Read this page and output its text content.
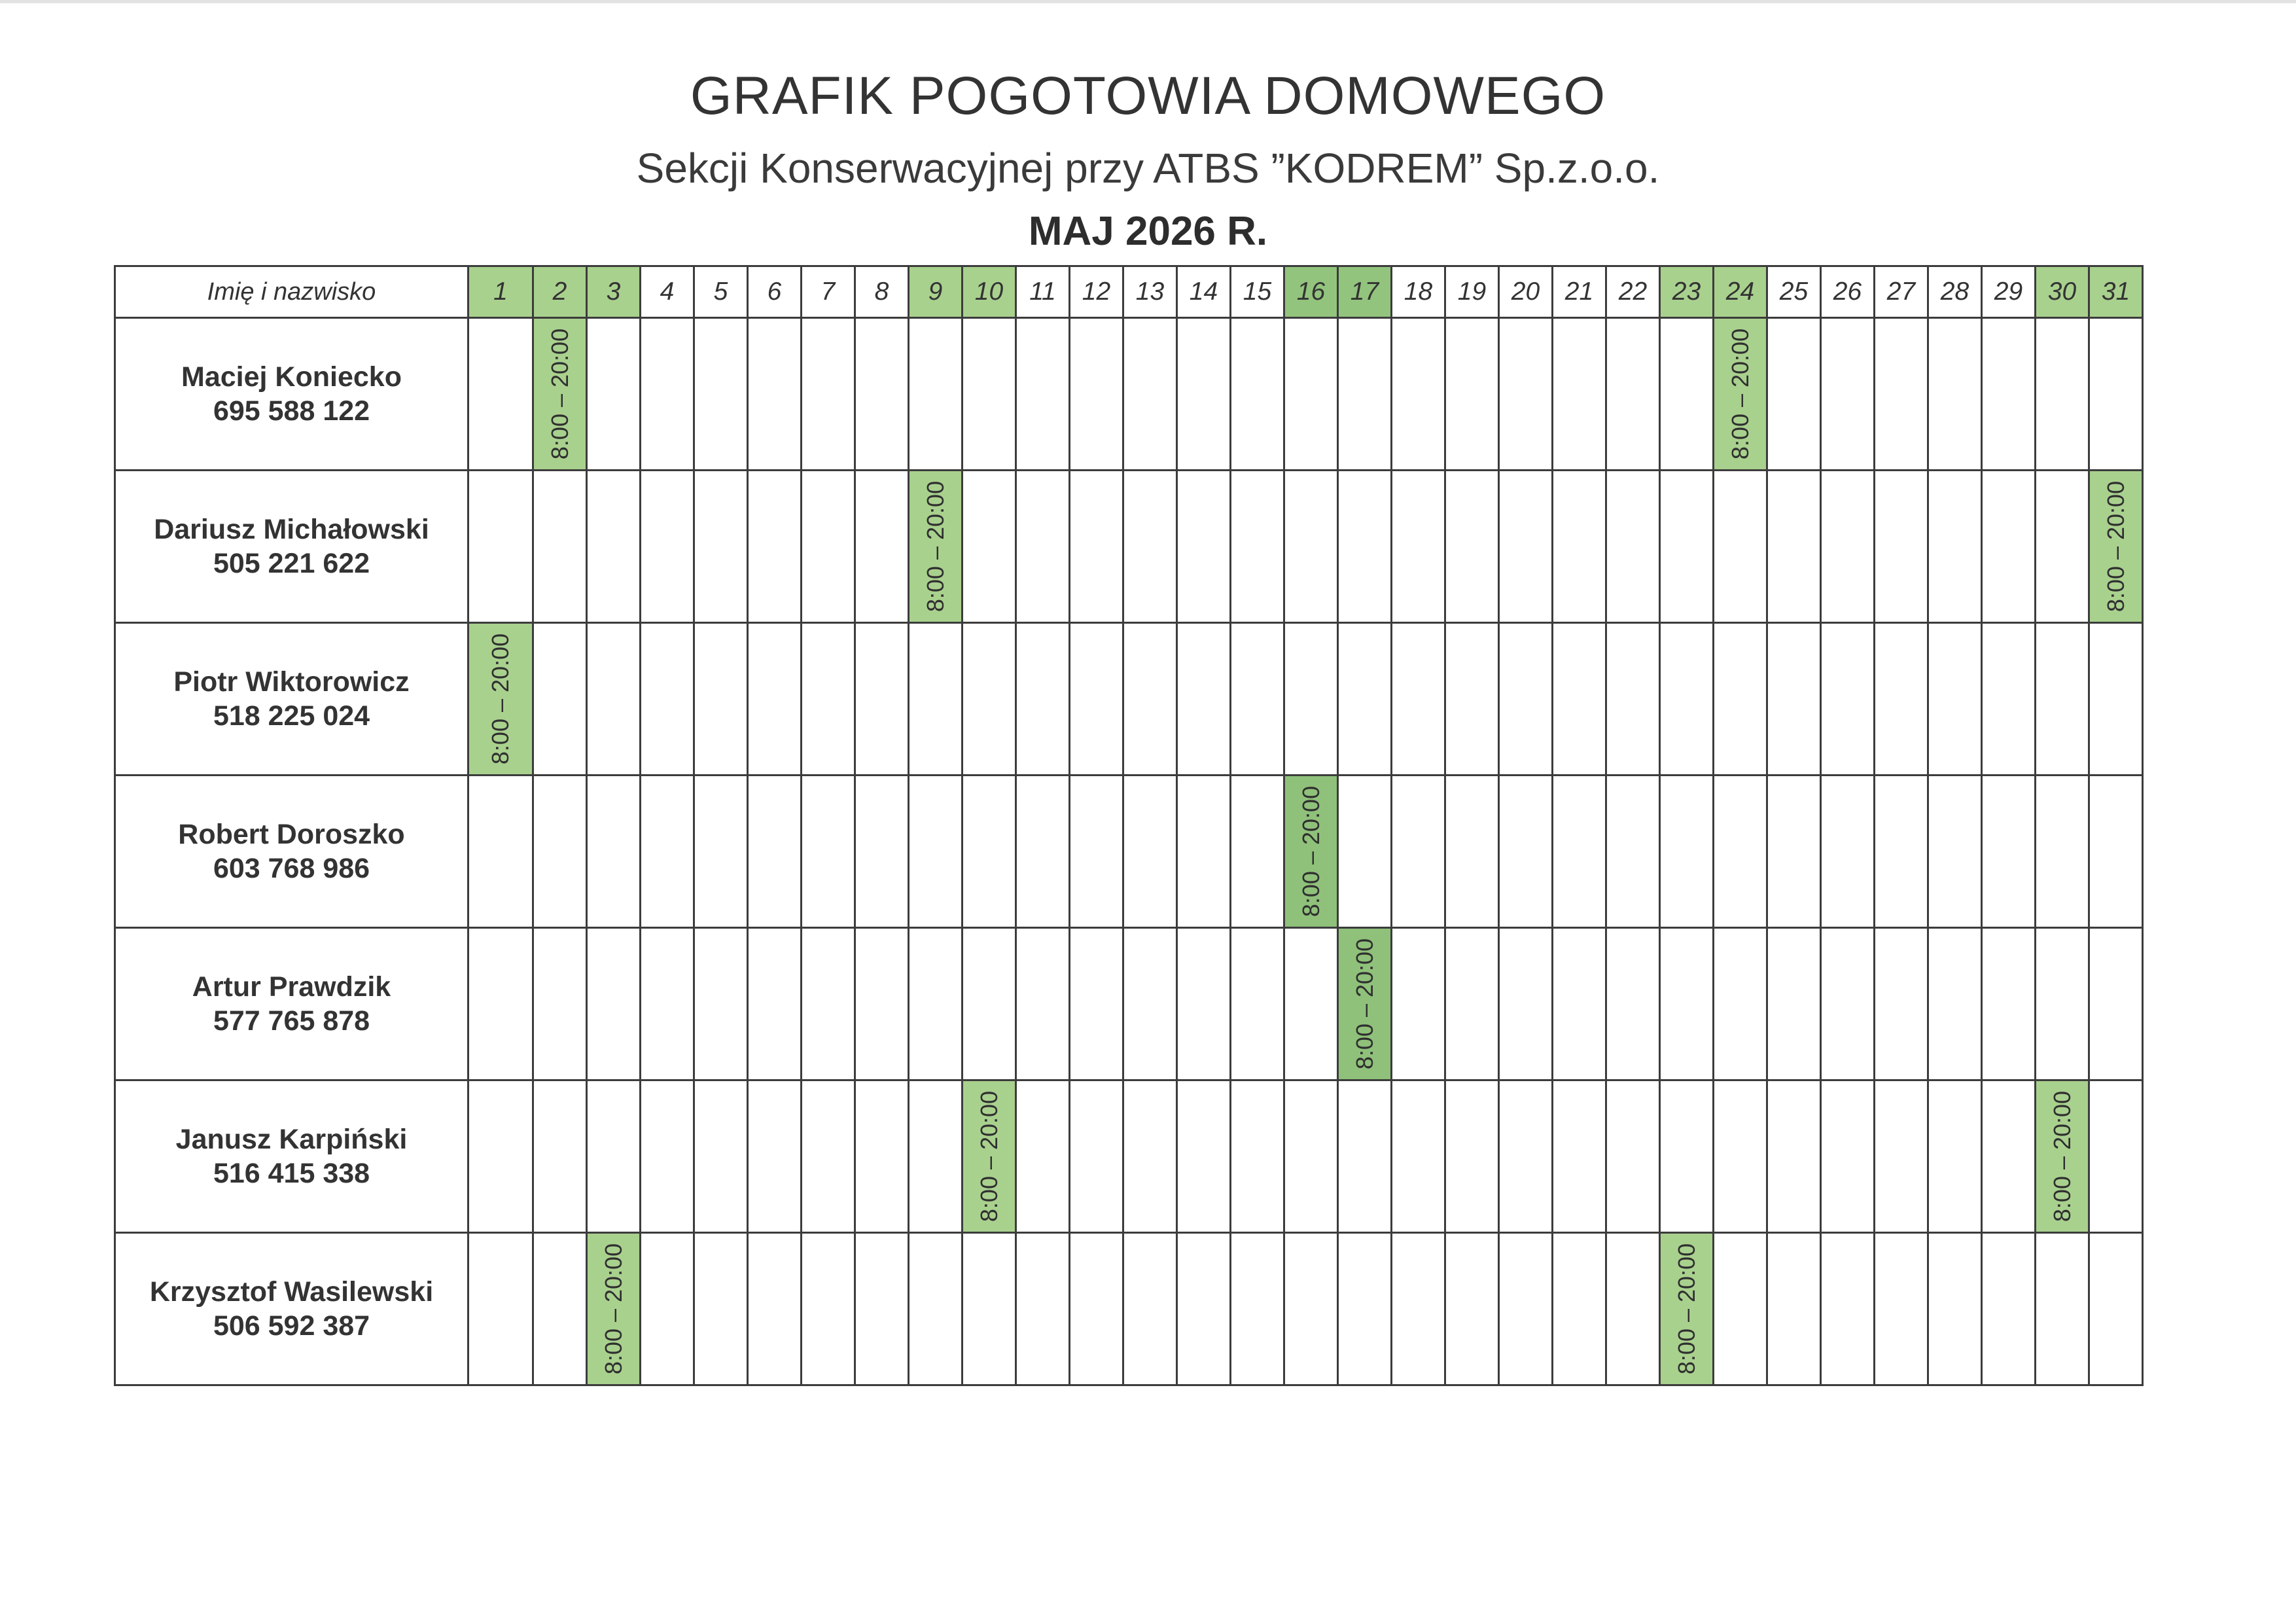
GRAFIK POGOTOWIA DOMOWEGO
Sekcji Konserwacyjnej przy ATBS ”KODREM” Sp.z.o.o.
MAJ 2026 R.
Imię i nazwisko	1	2	3	4	5	6	7	8	9	10	11	12	13	14	15	16	17	18	19	20	21	22	23	24	25	26	27	28	29	30	31

Maciej Koniecko
695 588 122		8:00 – 20:00																						8:00 – 20:00							

Dariusz Michałowski
505 221 622									8:00 – 20:00																						8:00 – 20:00

Piotr Wiktorowicz
518 225 024	8:00 – 20:00																														

Robert Doroszko
603 768 986																8:00 – 20:00															

Artur Prawdzik
577 765 878																	8:00 – 20:00														

Janusz Karpiński
516 415 338										8:00 – 20:00																				8:00 – 20:00	

Krzysztof Wasilewski
506 592 387			8:00 – 20:00																				8:00 – 20:00								
